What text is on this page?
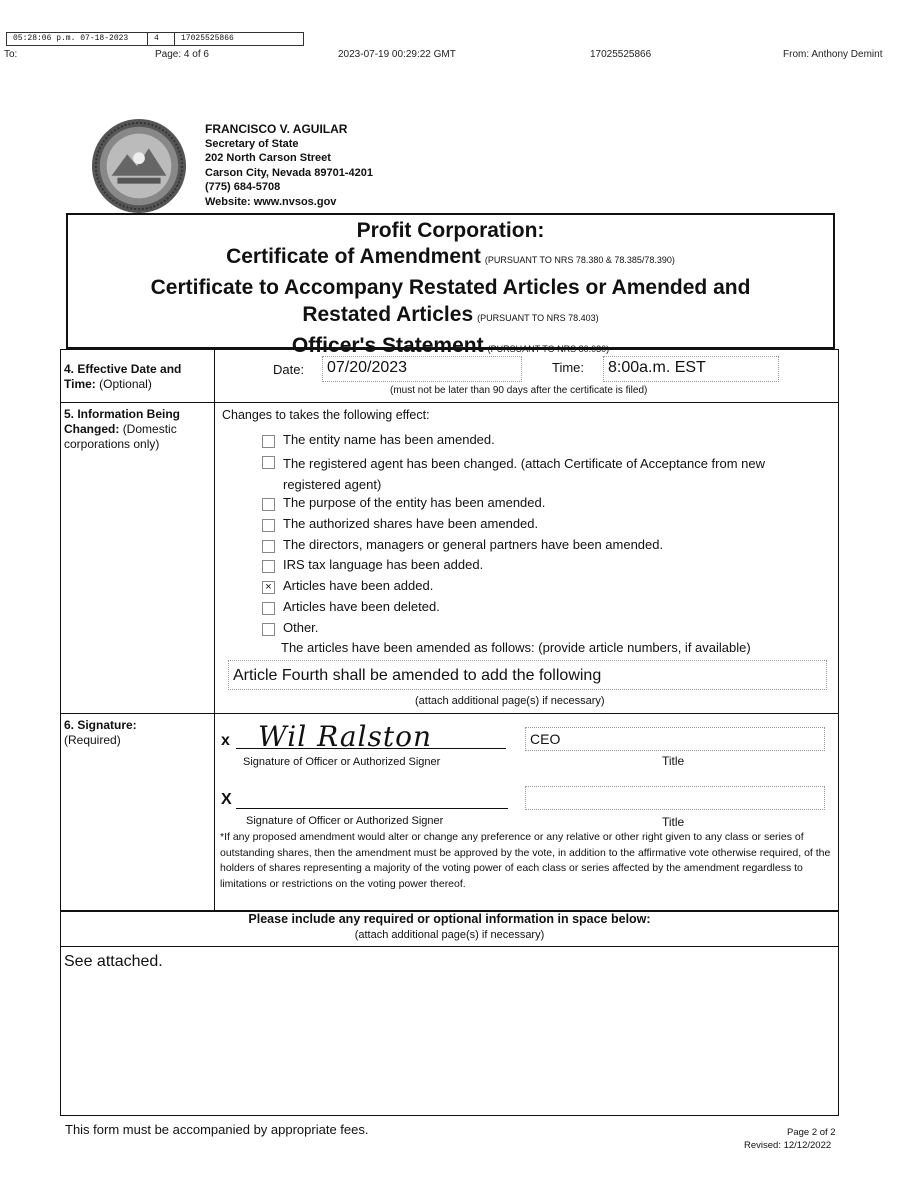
05:28:06 p.m. 07-18-2023	4	17025525866
To:	Page: 4 of 6	2023-07-19 00:29:22 GMT	17025525866	From: Anthony Demint
FRANCISCO V. AGUILAR
Secretary of State
202 North Carson Street
Carson City, Nevada 89701-4201
(775) 684-5708
Website: www.nvsos.gov
Profit Corporation:
Certificate of Amendment (PURSUANT TO NRS 78.380 & 78.385/78.390)
Certificate to Accompany Restated Articles or Amended and
Restated Articles (PURSUANT TO NRS 78.403)
Officer's Statement (PURSUANT TO NRS 80.030)
4. Effective Date and Time: (Optional)
Date:	07/20/2023	Time:	8:00a.m. EST
(must not be later than 90 days after the certificate is filed)
5. Information Being Changed: (Domestic corporations only)
Changes to takes the following effect:
The entity name has been amended.
The registered agent has been changed. (attach Certificate of Acceptance from new registered agent)
The purpose of the entity has been amended.
The authorized shares have been amended.
The directors, managers or general partners have been amended.
IRS tax language has been added.
× Articles have been added.
Articles have been deleted.
Other.
The articles have been amended as follows: (provide article numbers, if available)
Article Fourth shall be amended to add the following
(attach additional page(s) if necessary)
6. Signature:
(Required)	x Wil Ralston
Signature of Officer or Authorized Signer
CEO
Title
X
Signature of Officer or Authorized Signer	Title
*If any proposed amendment would alter or change any preference or any relative or other right given to any class or series of outstanding shares, then the amendment must be approved by the vote, in addition to the affirmative vote otherwise required, of the holders of shares representing a majority of the voting power of each class or series affected by the amendment regardless to limitations or restrictions on the voting power thereof.
Please include any required or optional information in space below:
(attach additional page(s) if necessary)
See attached.
This form must be accompanied by appropriate fees.	Page 2 of 2
Revised: 12/12/2022
